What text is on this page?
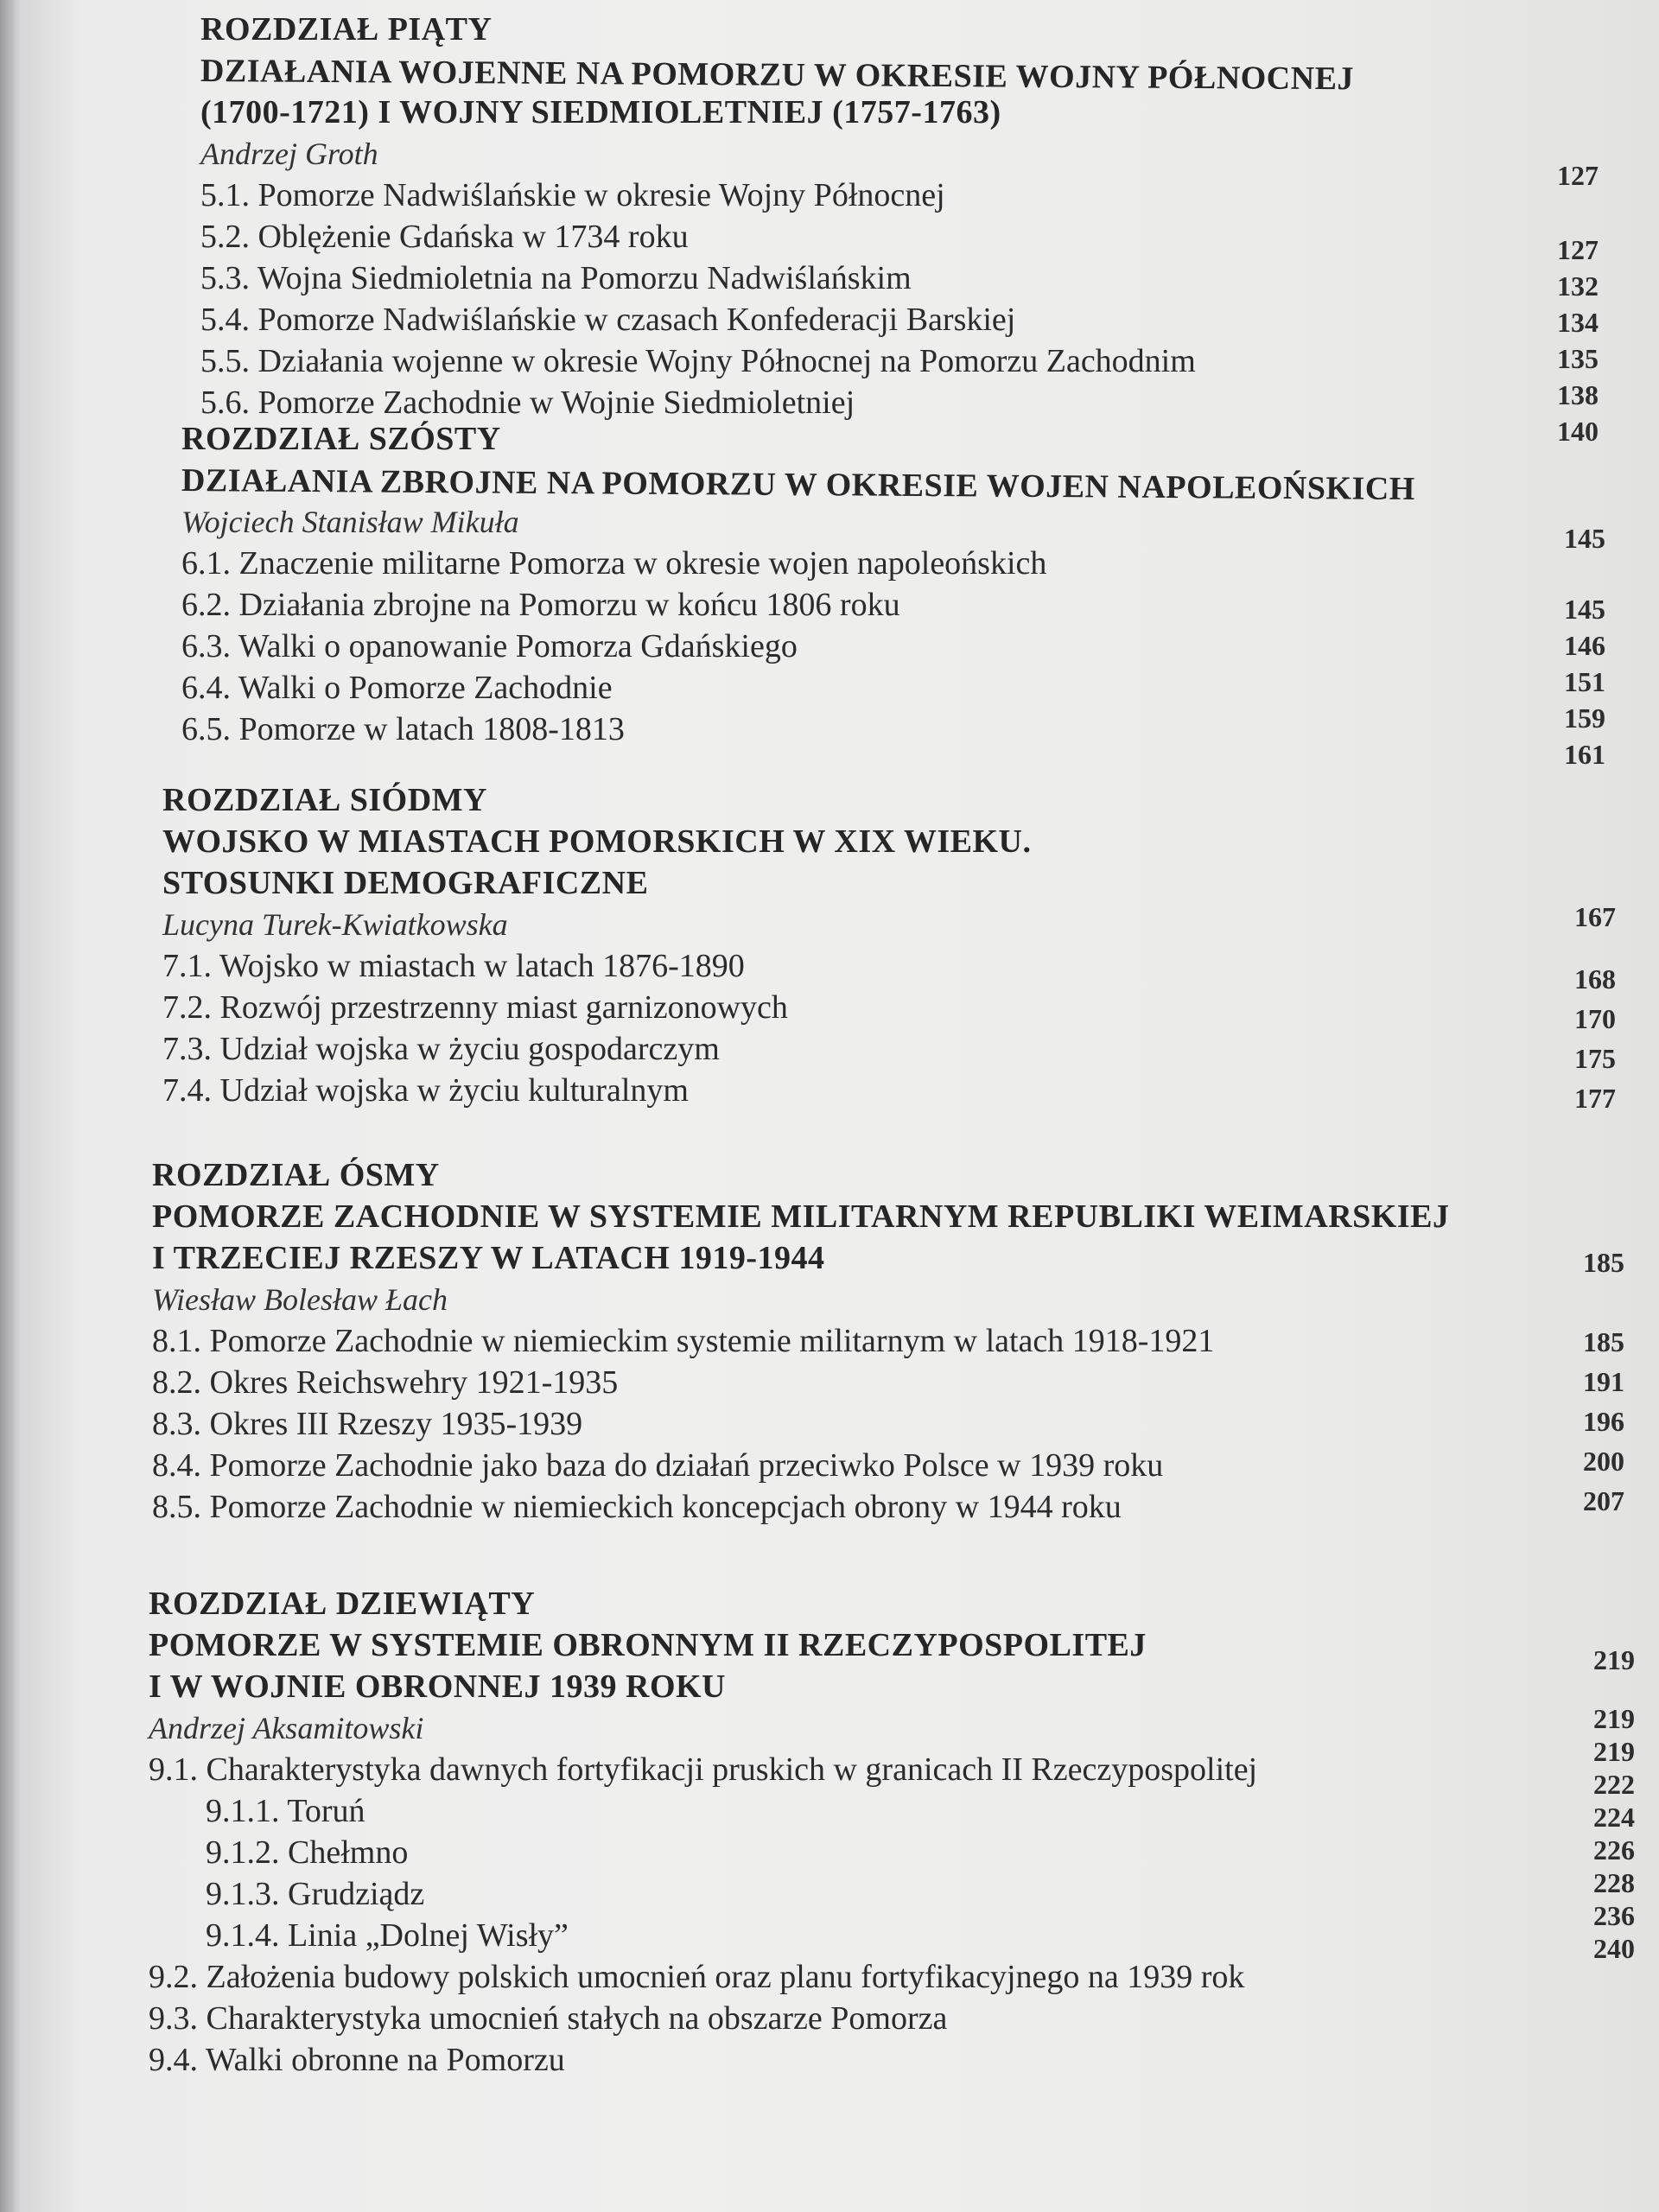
ROZDZIAŁ PIĄTY
DZIAŁANIA WOJENNE NA POMORZU W OKRESIE WOJNY PÓŁNOCNEJ
(1700-1721) I WOJNY SIEDMIOLETNIEJ (1757-1763)
Andrzej Groth
5.1. Pomorze Nadwiślańskie w okresie Wojny Północnej
5.2. Oblężenie Gdańska w 1734 roku
5.3. Wojna Siedmioletnia na Pomorzu Nadwiślańskim
5.4. Pomorze Nadwiślańskie w czasach Konfederacji Barskiej
5.5. Działania wojenne w okresie Wojny Północnej na Pomorzu Zachodnim
5.6. Pomorze Zachodnie w Wojnie Siedmioletniej
127
127
132
134
135
138
140
ROZDZIAŁ SZÓSTY
DZIAŁANIA ZBROJNE NA POMORZU W OKRESIE WOJEN NAPOLEOŃSKICH
Wojciech Stanisław Mikuła
6.1. Znaczenie militarne Pomorza w okresie wojen napoleońskich
6.2. Działania zbrojne na Pomorzu w końcu 1806 roku
6.3. Walki o opanowanie Pomorza Gdańskiego
6.4. Walki o Pomorze Zachodnie
6.5. Pomorze w latach 1808-1813
145
145
146
151
159
161
ROZDZIAŁ SIÓDMY
WOJSKO W MIASTACH POMORSKICH W XIX WIEKU.
STOSUNKI DEMOGRAFICZNE
Lucyna Turek-Kwiatkowska
7.1. Wojsko w miastach w latach 1876-1890
7.2. Rozwój przestrzenny miast garnizonowych
7.3. Udział wojska w życiu gospodarczym
7.4. Udział wojska w życiu kulturalnym
167
168
170
175
177
ROZDZIAŁ ÓSMY
POMORZE ZACHODNIE W SYSTEMIE MILITARNYM REPUBLIKI WEIMARSKIEJ
I TRZECIEJ RZESZY W LATACH 1919-1944
Wiesław Bolesław Łach
8.1. Pomorze Zachodnie w niemieckim systemie militarnym w latach 1918-1921
8.2. Okres Reichswehry 1921-1935
8.3. Okres III Rzeszy 1935-1939
8.4. Pomorze Zachodnie jako baza do działań przeciwko Polsce w 1939 roku
8.5. Pomorze Zachodnie w niemieckich koncepcjach obrony w 1944 roku
185
185
191
196
200
207
ROZDZIAŁ DZIEWIĄTY
POMORZE W SYSTEMIE OBRONNYM II RZECZYPOSPOLITEJ
I W WOJNIE OBRONNEJ 1939 ROKU
Andrzej Aksamitowski
9.1. Charakterystyka dawnych fortyfikacji pruskich w granicach II Rzeczypospolitej
9.1.1. Toruń
9.1.2. Chełmno
9.1.3. Grudziądz
9.1.4. Linia „Dolnej Wisły”
9.2. Założenia budowy polskich umocnień oraz planu fortyfikacyjnego na 1939 rok
9.3. Charakterystyka umocnień stałych na obszarze Pomorza
9.4. Walki obronne na Pomorzu
219
219
219
222
224
226
228
236
240
